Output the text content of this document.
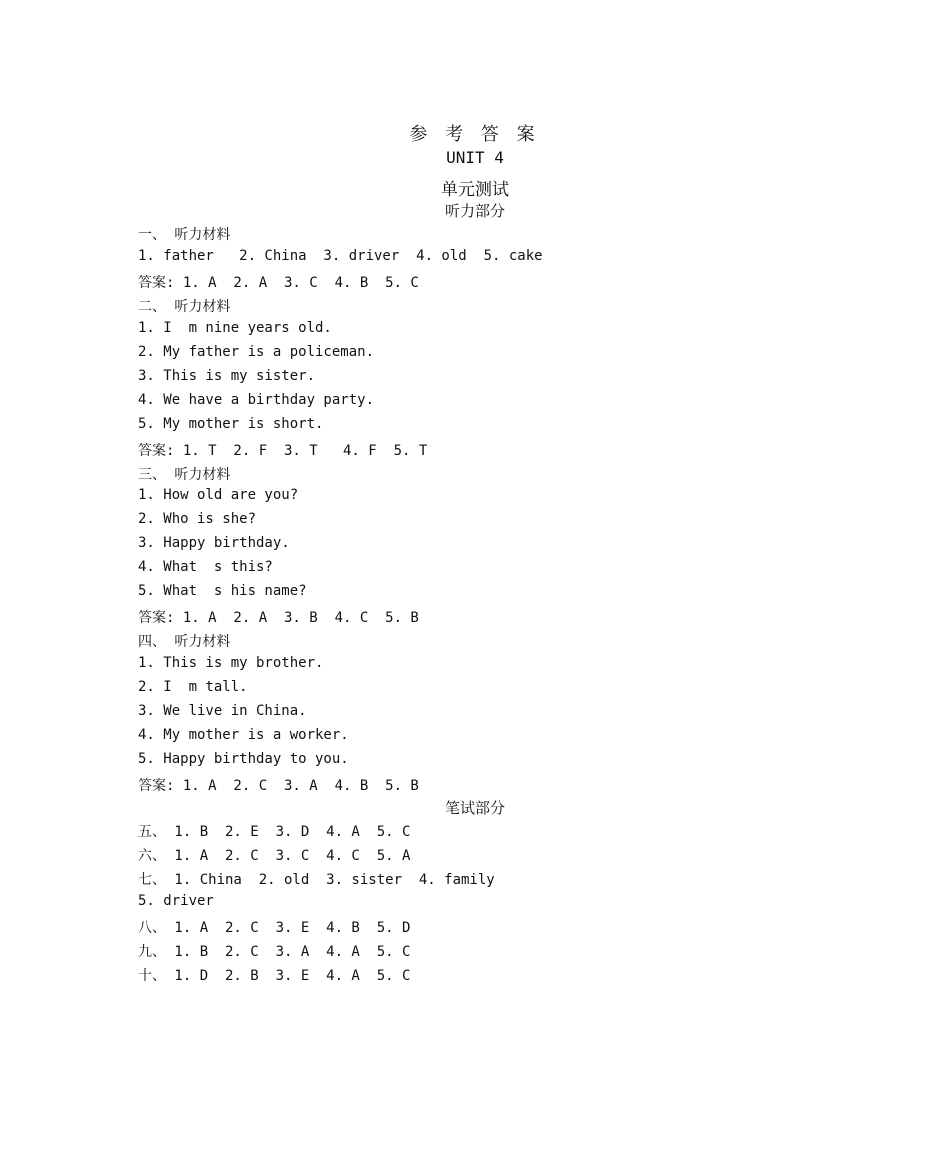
参 考 答 案
UNIT 4
单元测试
听力部分
一、 听力材料
1. father   2. China  3. driver  4. old  5. cake
答案: 1. A  2. A  3. C  4. B  5. C
二、 听力材料
1. I  m nine years old.
2. My father is a policeman.
3. This is my sister.
4. We have a birthday party.
5. My mother is short.
答案: 1. T  2. F  3. T   4. F  5. T
三、 听力材料
1. How old are you?
2. Who is she?
3. Happy birthday.
4. What  s this?
5. What  s his name?
答案: 1. A  2. A  3. B  4. C  5. B
四、 听力材料
1. This is my brother.
2. I  m tall.
3. We live in China.
4. My mother is a worker.
5. Happy birthday to you.
答案: 1. A  2. C  3. A  4. B  5. B
笔试部分
五、 1. B  2. E  3. D  4. A  5. C
六、 1. A  2. C  3. C  4. C  5. A
七、 1. China  2. old  3. sister  4. family
5. driver
八、 1. A  2. C  3. E  4. B  5. D
九、 1. B  2. C  3. A  4. A  5. C
十、 1. D  2. B  3. E  4. A  5. C
